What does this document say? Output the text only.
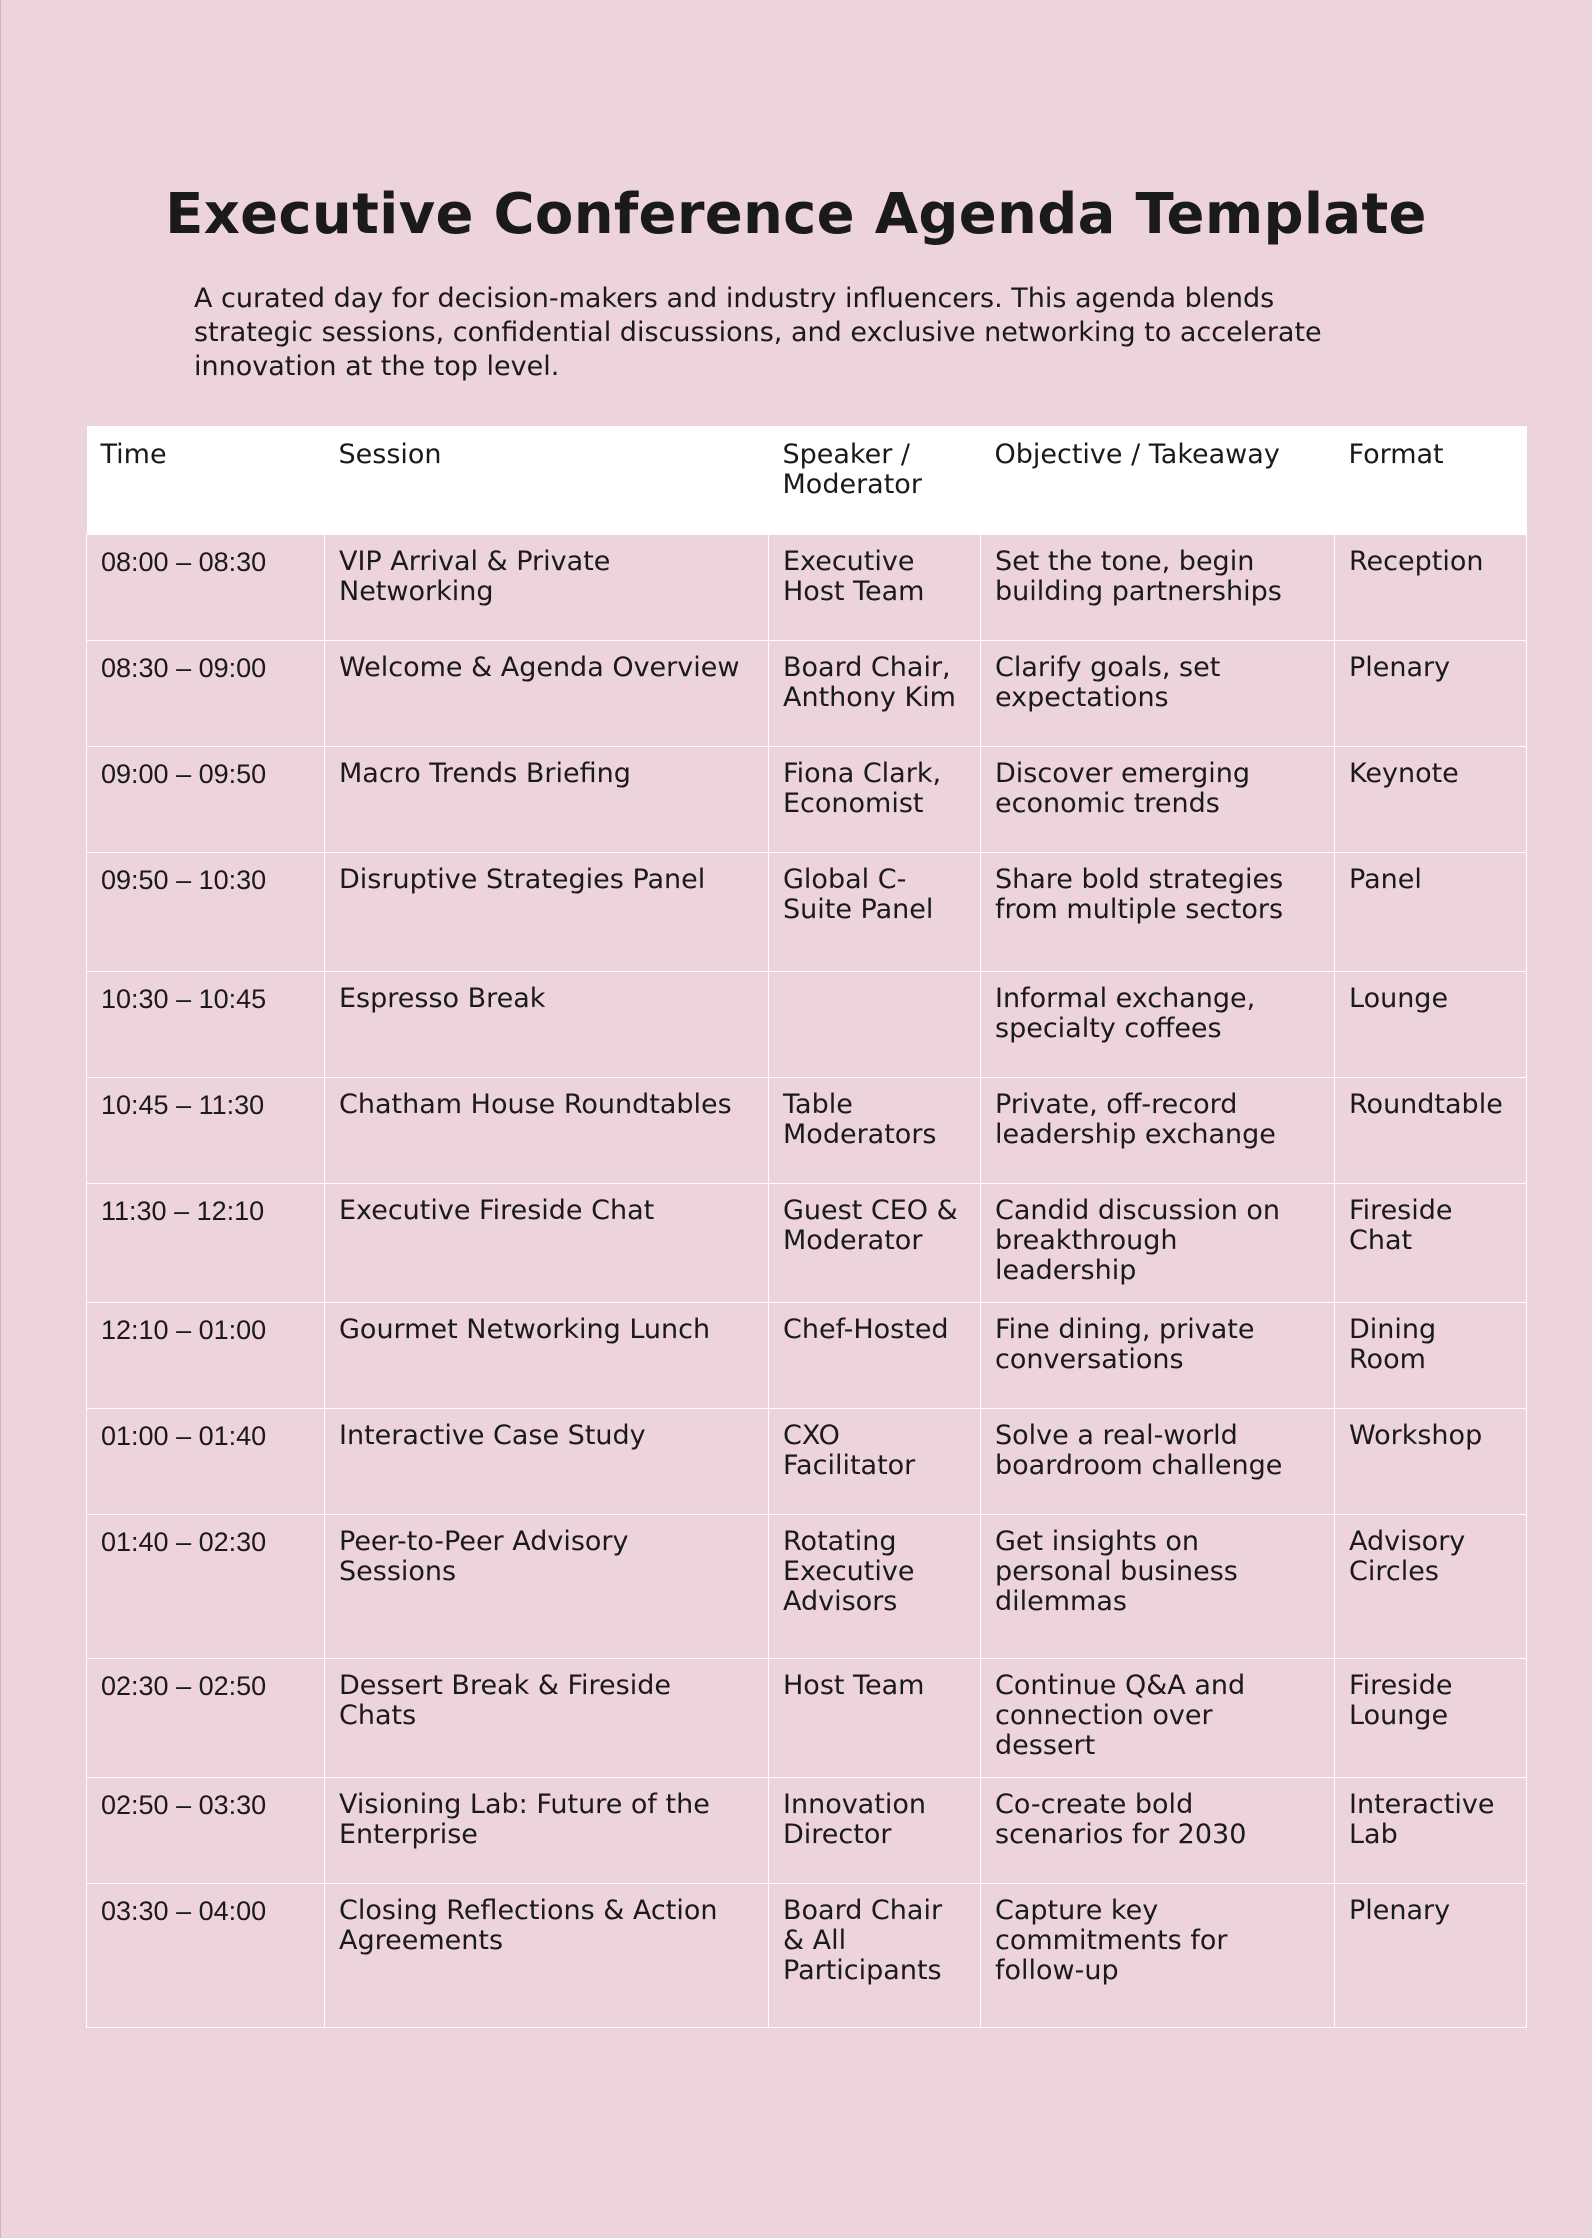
Executive Conference Agenda Template

A curated day for decision-makers and industry influencers. This agenda blends strategic sessions, confidential discussions, and exclusive networking to accelerate innovation at the top level.

Time	Session	Speaker / Moderator	Objective / Takeaway	Format
08:00 – 08:30	VIP Arrival & Private Networking	Executive Host Team	Set the tone, begin building partnerships	Reception
08:30 – 09:00	Welcome & Agenda Overview	Board Chair, Anthony Kim	Clarify goals, set expectations	Plenary
09:00 – 09:50	Macro Trends Briefing	Fiona Clark, Economist	Discover emerging economic trends	Keynote
09:50 – 10:30	Disruptive Strategies Panel	Global C-Suite Panel	Share bold strategies from multiple sectors	Panel
10:30 – 10:45	Espresso Break		Informal exchange, specialty coffees	Lounge
10:45 – 11:30	Chatham House Roundtables	Table Moderators	Private, off-record leadership exchange	Roundtable
11:30 – 12:10	Executive Fireside Chat	Guest CEO & Moderator	Candid discussion on breakthrough leadership	Fireside Chat
12:10 – 01:00	Gourmet Networking Lunch	Chef-Hosted	Fine dining, private conversations	Dining Room
01:00 – 01:40	Interactive Case Study	CXO Facilitator	Solve a real-world boardroom challenge	Workshop
01:40 – 02:30	Peer-to-Peer Advisory Sessions	Rotating Executive Advisors	Get insights on personal business dilemmas	Advisory Circles
02:30 – 02:50	Dessert Break & Fireside Chats	Host Team	Continue Q&A and connection over dessert	Fireside Lounge
02:50 – 03:30	Visioning Lab: Future of the Enterprise	Innovation Director	Co-create bold scenarios for 2030	Interactive Lab
03:30 – 04:00	Closing Reflections & Action Agreements	Board Chair & All Participants	Capture key commitments for follow-up	Plenary
